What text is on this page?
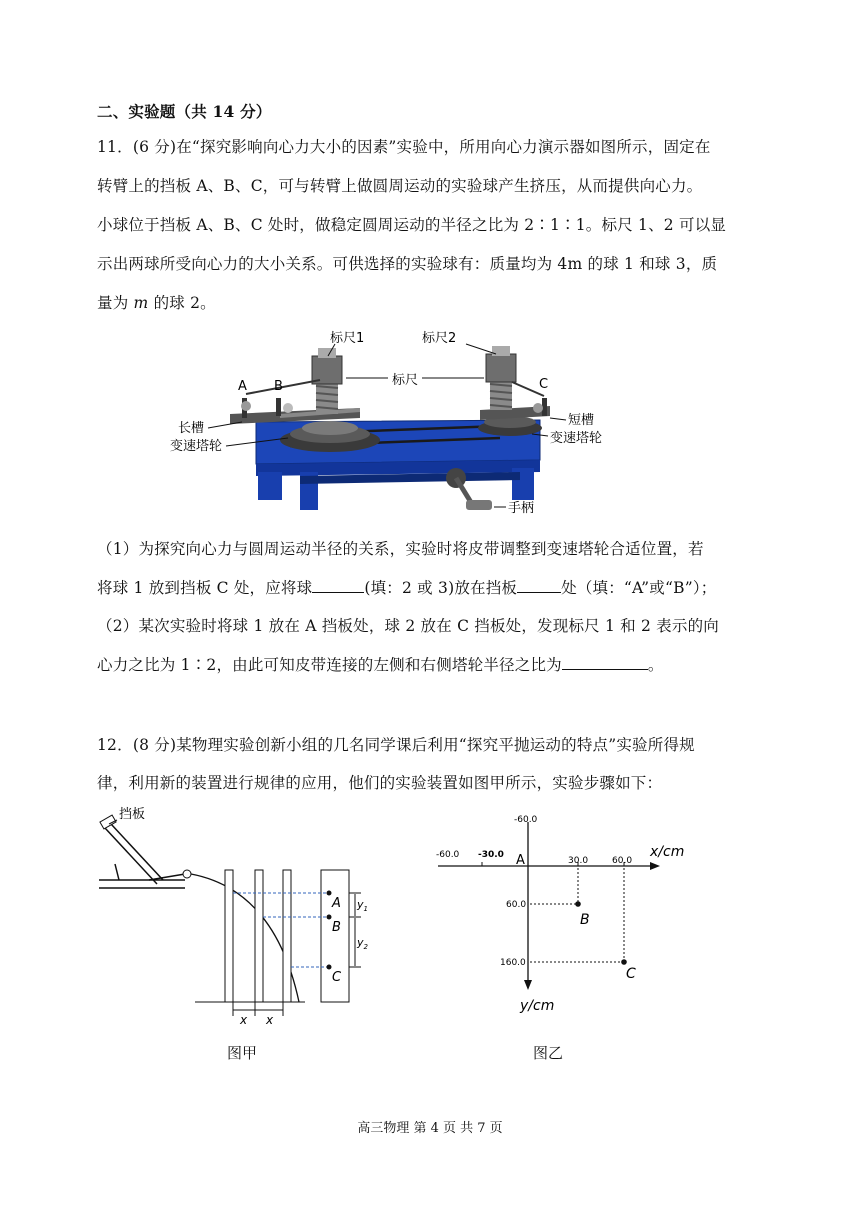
二、实验题（共 14 分）
11．(6 分)在“探究影响向心力大小的因素”实验中，所用向心力演示器如图所示，固定在
转臂上的挡板 A、B、C，可与转臂上做圆周运动的实验球产生挤压，从而提供向心力。
小球位于挡板 A、B、C 处时，做稳定圆周运动的半径之比为 2∶1∶1。标尺 1、2 可以显
示出两球所受向心力的大小关系。可供选择的实验球有：质量均为 4m 的球 1 和球 3，质
量为 m 的球 2。
手柄
A B	C
标尺1	标尺2
标尺
长槽
变速塔轮
短槽
变速塔轮
（1）为探究向心力与圆周运动半径的关系，实验时将皮带调整到变速塔轮合适位置，若
将球 1 放到挡板 C 处，应将球	(填：2 或 3)放在挡板	处（填：“A”或“B”）；
（2）某次实验时将球 1 放在 A 挡板处，球 2 放在 C 挡板处，发现标尺 1 和 2 表示的向
心力之比为 1∶2，由此可知皮带连接的左侧和右侧塔轮半径之比为	。
12．(8 分)某物理实验创新小组的几名同学课后利用“探究平抛运动的特点”实验所得规
律，利用新的装置进行规律的应用，他们的实验装置如图甲所示，实验步骤如下：
挡板
A
B
C
$y_1$
$y_2$
x x
图甲
-60.0
-60.0 -30.0
30.0	60.0
60.0
160.0
A
x/cm
y/cm
B
C
图乙
高三物理 第 4 页 共 7 页
